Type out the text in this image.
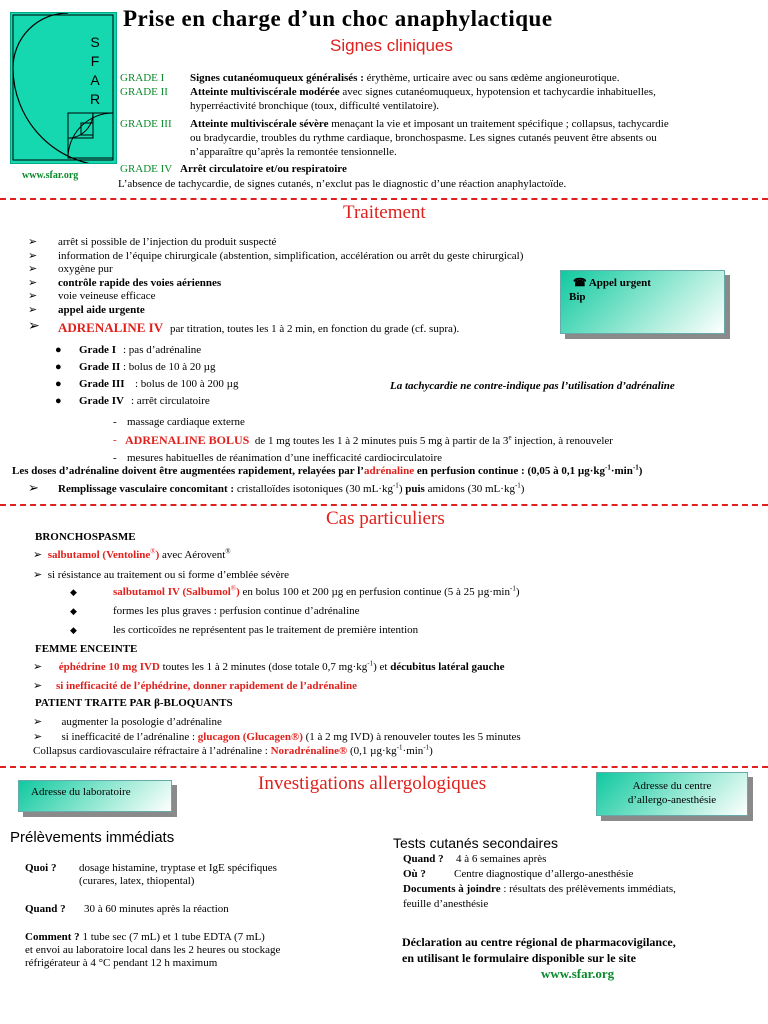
S
F
A
R
www.sfar.org
Prise en charge d’un choc anaphylactique
Signes cliniques
GRADE I Signes cutanéomuqueux généralisés : érythème, urticaire avec ou sans œdème angioneurotique.
GRADE II Atteinte multiviscérale modérée avec signes cutanéomuqueux, hypotension et tachycardie inhabituelles,
hyperréactivité bronchique (toux, difficulté ventilatoire).
GRADE III Atteinte multiviscérale sévère menaçant la vie et imposant un traitement spécifique ; collapsus, tachycardie
ou bradycardie, troubles du rythme cardiaque, bronchospasme. Les signes cutanés peuvent être absents ou
n’apparaître qu’après la remontée tensionnelle.
GRADE IV Arrêt circulatoire et/ou respiratoire
L’absence de tachycardie, de signes cutanés, n’exclut pas le diagnostic d’une réaction anaphylactoïde.
Traitement
➢ arrêt si possible de l’injection du produit suspecté
➢ information de l’équipe chirurgicale (abstention, simplification, accélération ou arrêt du geste chirurgical)
➢ oxygène pur
➢ contrôle rapide des voies aériennes
➢ voie veineuse efficace
➢ appel aide urgente
☎ Appel urgent
Bip
➢ ADRENALINE IV par titration, toutes les 1 à 2 min, en fonction du grade (cf. supra).
● Grade I : pas d’adrénaline
● Grade II : bolus de 10 à 20 µg
● Grade III : bolus de 100 à 200 µg
● Grade IV : arrêt circulatoire
La tachycardie ne contre-indique pas l’utilisation d’adrénaline
- massage cardiaque externe
- ADRENALINE BOLUS de 1 mg toutes les 1 à 2 minutes puis 5 mg à partir de la 3e injection, à renouveler
- mesures habituelles de réanimation d’une inefficacité cardiocirculatoire
Les doses d’adrénaline doivent être augmentées rapidement, relayées par l’adrénaline en perfusion continue : (0,05 à 0,1 $\mu g\cdot kg^{-1}\cdot\min^{-1}$)
➢ Remplissage vasculaire concomitant : cristalloïdes isotoniques (30 $mL\cdot kg^{-1}$) puis amidons (30 $mL\cdot kg^{-1}$)
Cas particuliers
BRONCHOSPASME
➢ salbutamol (Ventoline®) avec Aérovent®
➢ si résistance au traitement ou si forme d’emblée sévère
◆	salbutamol IV (Salbumol®) en bolus 100 et 200 µg en perfusion continue (5 à 25 $\mu g\cdot\min^{-1}$)
◆	formes les plus graves : perfusion continue d’adrénaline
◆	les corticoïdes ne représentent pas le traitement de première intention
FEMME ENCEINTE
➢ éphédrine 10 mg IVD toutes les 1 à 2 minutes (dose totale 0,7 $mg\cdot kg^{-1}$) et décubitus latéral gauche
➢ si inefficacité de l’éphédrine, donner rapidement de l’adrénaline
PATIENT TRAITE PAR β-BLOQUANTS
➢ augmenter la posologie d’adrénaline
➢ si inefficacité de l’adrénaline : glucagon (Glucagen®) (1 à 2 mg IVD) à renouveler toutes les 5 minutes
Collapsus cardiovasculaire réfractaire à l’adrénaline : Noradrénaline® (0,1 $\mu g\cdot kg^{-1}\cdot\min^{-1}$)
Adresse du laboratoire	Investigations allergologiques	Adresse du centre
d’allergo-anesthésie
Prélèvements immédiats
Quoi ? dosage histamine, tryptase et IgE spécifiques
(curares, latex, thiopental)
Quand ? 30 à 60 minutes après la réaction
Comment ? 1 tube sec (7 mL) et 1 tube EDTA (7 mL)
et envoi au laboratoire local dans les 2 heures ou stockage
réfrigérateur à 4 °C pendant 12 h maximum
Tests cutanés secondaires
Quand ? 4 à 6 semaines après
Où ?	Centre diagnostique d’allergo-anesthésie
Documents à joindre : résultats des prélèvements immédiats,
feuille d’anesthésie
Déclaration au centre régional de pharmacovigilance,
en utilisant le formulaire disponible sur le site
www.sfar.org
